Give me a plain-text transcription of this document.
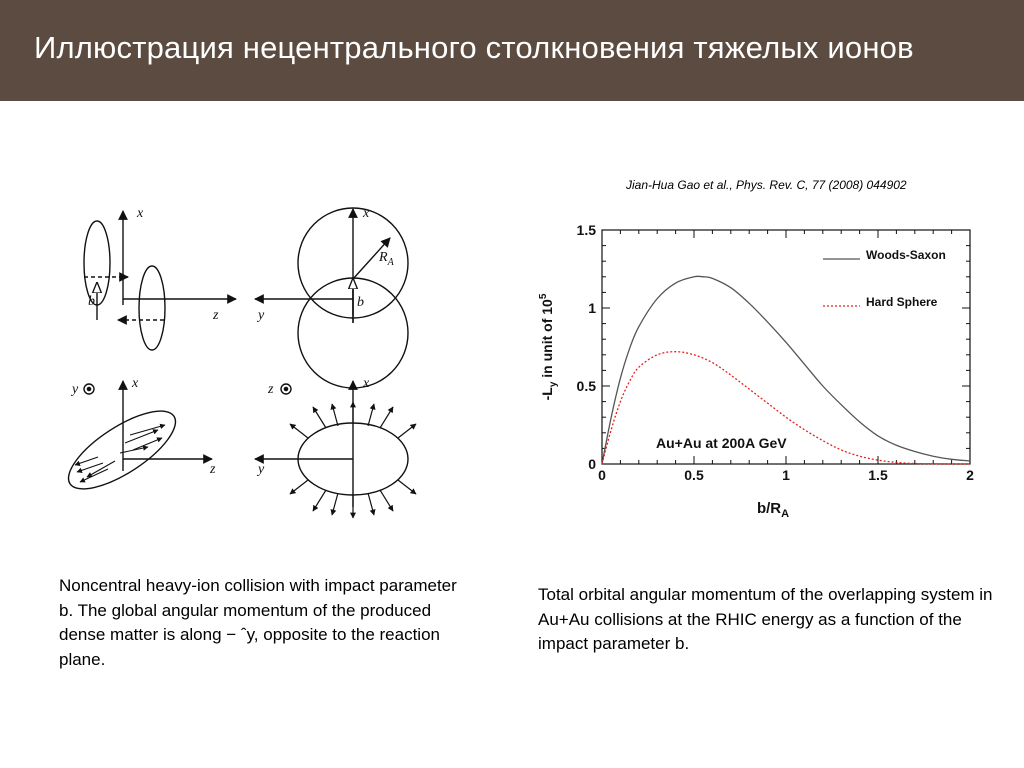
Иллюстрация нецентрального столкновения тяжелых ионов
x
z
b
x
y
b
$R_A$
x
y
z
x
z
y
Jian-Hua Gao et al., Phys. Rev. C, 77 (2008) 044902
0	0.5	1	1.5	2
0
0.5
1
1.5
Woods-Saxon
Hard Sphere
Au+Au at 200A GeV
$b/R_A$
$-L_y$ in unit of $10^5$
Noncentral heavy-ion collision with impact parameter b. The global angular momentum of the produced dense matter is along − ˆy, opposite to the reaction plane.
Total orbital angular momentum of the overlapping system in Au+Au collisions at the RHIC energy as a function of the impact parameter b.
